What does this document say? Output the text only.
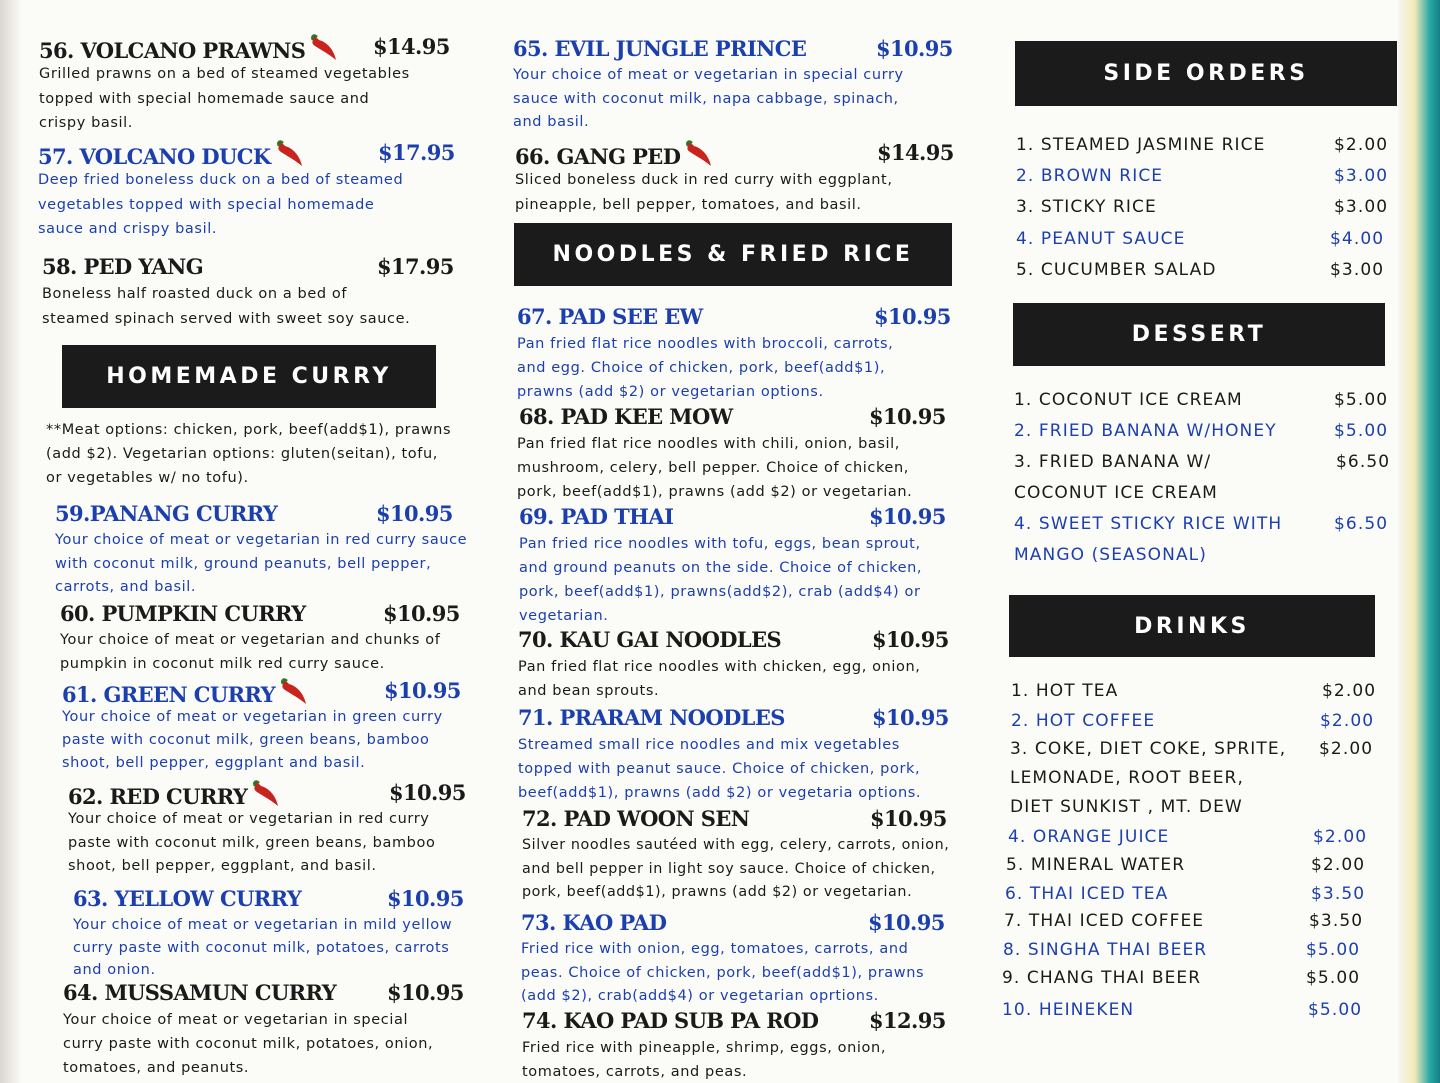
56. VOLCANO PRAWNS	$14.95
Grilled prawns on a bed of steamed vegetables
topped with special homemade sauce and
crispy basil.
57. VOLCANO DUCK	$17.95
Deep fried boneless duck on a bed of steamed
vegetables topped with special homemade
sauce and crispy basil.
58. PED YANG	$17.95
Boneless half roasted duck on a bed of
steamed spinach served with sweet soy sauce.
HOMEMADE CURRY
**Meat options: chicken, pork, beef(add$1), prawns
(add $2). Vegetarian options: gluten(seitan), tofu,
or vegetables w/ no tofu).
59.PANANG CURRY	$10.95
Your choice of meat or vegetarian in red curry sauce
with coconut milk, ground peanuts, bell pepper,
carrots, and basil.
60. PUMPKIN CURRY	$10.95
Your choice of meat or vegetarian and chunks of
pumpkin in coconut milk red curry sauce.
61. GREEN CURRY	$10.95
Your choice of meat or vegetarian in green curry
paste with coconut milk, green beans, bamboo
shoot, bell pepper, eggplant and basil.
62. RED CURRY	$10.95
Your choice of meat or vegetarian in red curry
paste with coconut milk, green beans, bamboo
shoot, bell pepper, eggplant, and basil.
63. YELLOW CURRY	$10.95
Your choice of meat or vegetarian in mild yellow
curry paste with coconut milk, potatoes, carrots
and onion.
64. MUSSAMUN CURRY $10.95
Your choice of meat or vegetarian in special
curry paste with coconut milk, potatoes, onion,
tomatoes, and peanuts.
65. EVIL JUNGLE PRINCE	$10.95
Your choice of meat or vegetarian in special curry
sauce with coconut milk, napa cabbage, spinach,
and basil.
66. GANG PED	$14.95
Sliced boneless duck in red curry with eggplant,
pineapple, bell pepper, tomatoes, and basil.
NOODLES & FRIED RICE
67. PAD SEE EW	$10.95
Pan fried flat rice noodles with broccoli, carrots,
and egg. Choice of chicken, pork, beef(add$1),
prawns (add $2) or vegetarian options.
68. PAD KEE MOW	$10.95
Pan fried flat rice noodles with chili, onion, basil,
mushroom, celery, bell pepper. Choice of chicken,
pork, beef(add$1), prawns (add $2) or vegetarian.
69. PAD THAI	$10.95
Pan fried rice noodles with tofu, eggs, bean sprout,
and ground peanuts on the side. Choice of chicken,
pork, beef(add$1), prawns(add$2), crab (add$4) or
vegetarian.
70. KAU GAI NOODLES	$10.95
Pan fried flat rice noodles with chicken, egg, onion,
and bean sprouts.
71. PRARAM NOODLES	$10.95
Streamed small rice noodles and mix vegetables
topped with peanut sauce. Choice of chicken, pork,
beef(add$1), prawns (add $2) or vegetaria options.
72. PAD WOON SEN	$10.95
Silver noodles sautéed with egg, celery, carrots, onion,
and bell pepper in light soy sauce. Choice of chicken,
pork, beef(add$1), prawns (add $2) or vegetarian.
73. KAO PAD	$10.95
Fried rice with onion, egg, tomatoes, carrots, and
peas. Choice of chicken, pork, beef(add$1), prawns
(add $2), crab(add$4) or vegetarian oprtions.
74. KAO PAD SUB PA ROD $12.95
Fried rice with pineapple, shrimp, eggs, onion,
tomatoes, carrots, and peas.
SIDE ORDERS
1. STEAMED JASMINE RICE	$2.00
2. BROWN RICE	$3.00
3. STICKY RICE	$3.00
4. PEANUT SAUCE	$4.00
5. CUCUMBER SALAD	$3.00
DESSERT
1. COCONUT ICE CREAM	$5.00
2. FRIED BANANA W/HONEY	$5.00
3. FRIED BANANA W/	$6.50
COCONUT ICE CREAM
4. SWEET STICKY RICE WITH	$6.50
MANGO (SEASONAL)
DRINKS
1. HOT TEA	$2.00
2. HOT COFFEE	$2.00
3. COKE, DIET COKE, SPRITE, $2.00
LEMONADE, ROOT BEER,
DIET SUNKIST , MT. DEW
4. ORANGE JUICE	$2.00
5. MINERAL WATER	$2.00
6. THAI ICED TEA	$3.50
7. THAI ICED COFFEE	$3.50
8. SINGHA THAI BEER	$5.00
9. CHANG THAI BEER	$5.00
10. HEINEKEN	$5.00
